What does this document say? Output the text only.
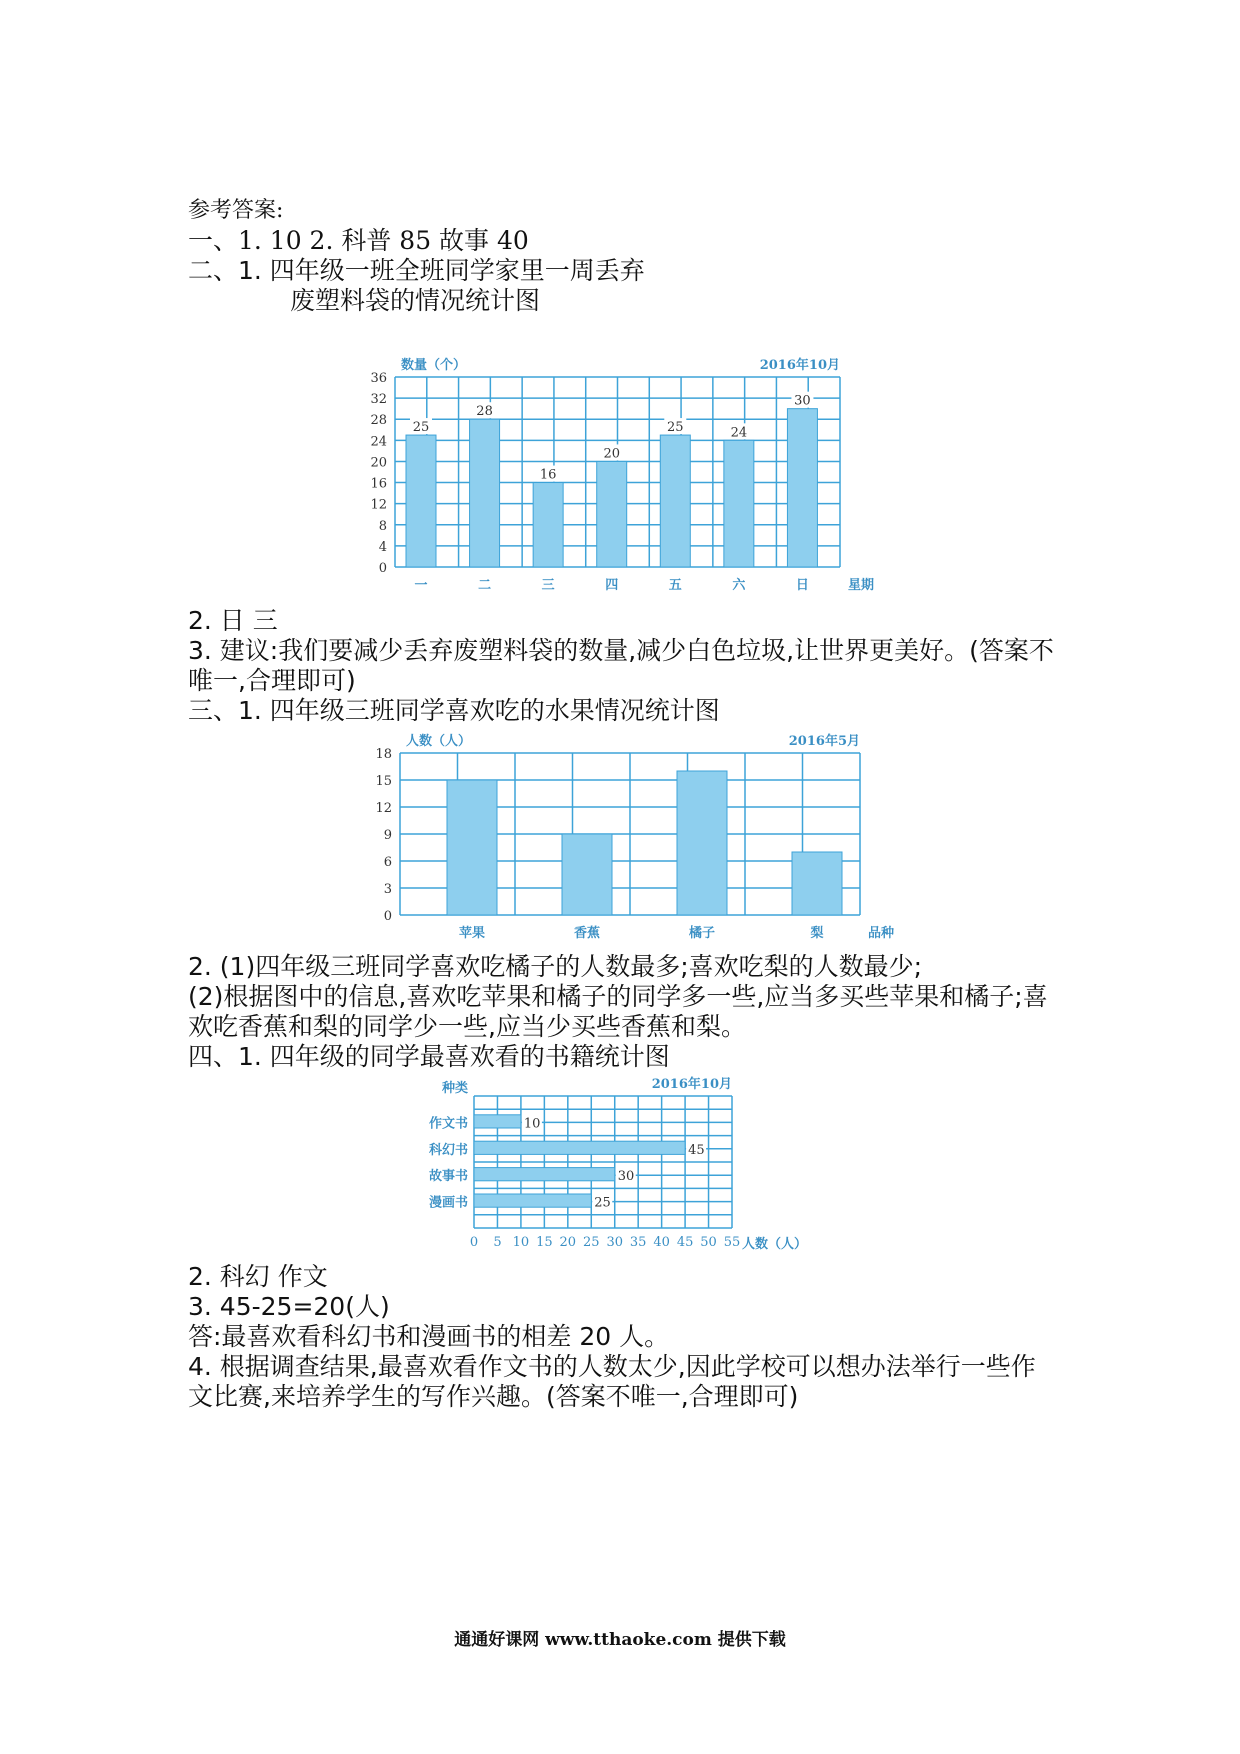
参考答案:
一、1. 10 2. 科普 85 故事 40
二、1. 四年级一班全班同学家里一周丢弃
废塑料袋的情况统计图
0
4
8
12
16
20
24
28
32
36
25
一
28
二
16
三
20
四
25
五
24
六
30
日
数量（个）	2016年10月
星期
2. 日 三
3. 建议:我们要减少丢弃废塑料袋的数量,减少白色垃圾,让世界更美好。(答案不
唯一,合理即可)
三、1. 四年级三班同学喜欢吃的水果情况统计图
0
3
6
9
12
15
18
苹果	香蕉	橘子	梨
人数（人）	2016年5月
品种
2. (1)四年级三班同学喜欢吃橘子的人数最多;喜欢吃梨的人数最少;
(2)根据图中的信息,喜欢吃苹果和橘子的同学多一些,应当多买些苹果和橘子;喜
欢吃香蕉和梨的同学少一些,应当少买些香蕉和梨。
四、1. 四年级的同学最喜欢看的书籍统计图
0 5 10 15 20 25 30 35 40 45 50 55
10
作文书
45
科幻书
30
故事书
25
漫画书
种类	2016年10月
人数（人）
2. 科幻 作文
3. 45-25=20(人)
答:最喜欢看科幻书和漫画书的相差 20 人。
4. 根据调查结果,最喜欢看作文书的人数太少,因此学校可以想办法举行一些作
文比赛,来培养学生的写作兴趣。(答案不唯一,合理即可)
通通好课网 www.tthaoke.com 提供下载
